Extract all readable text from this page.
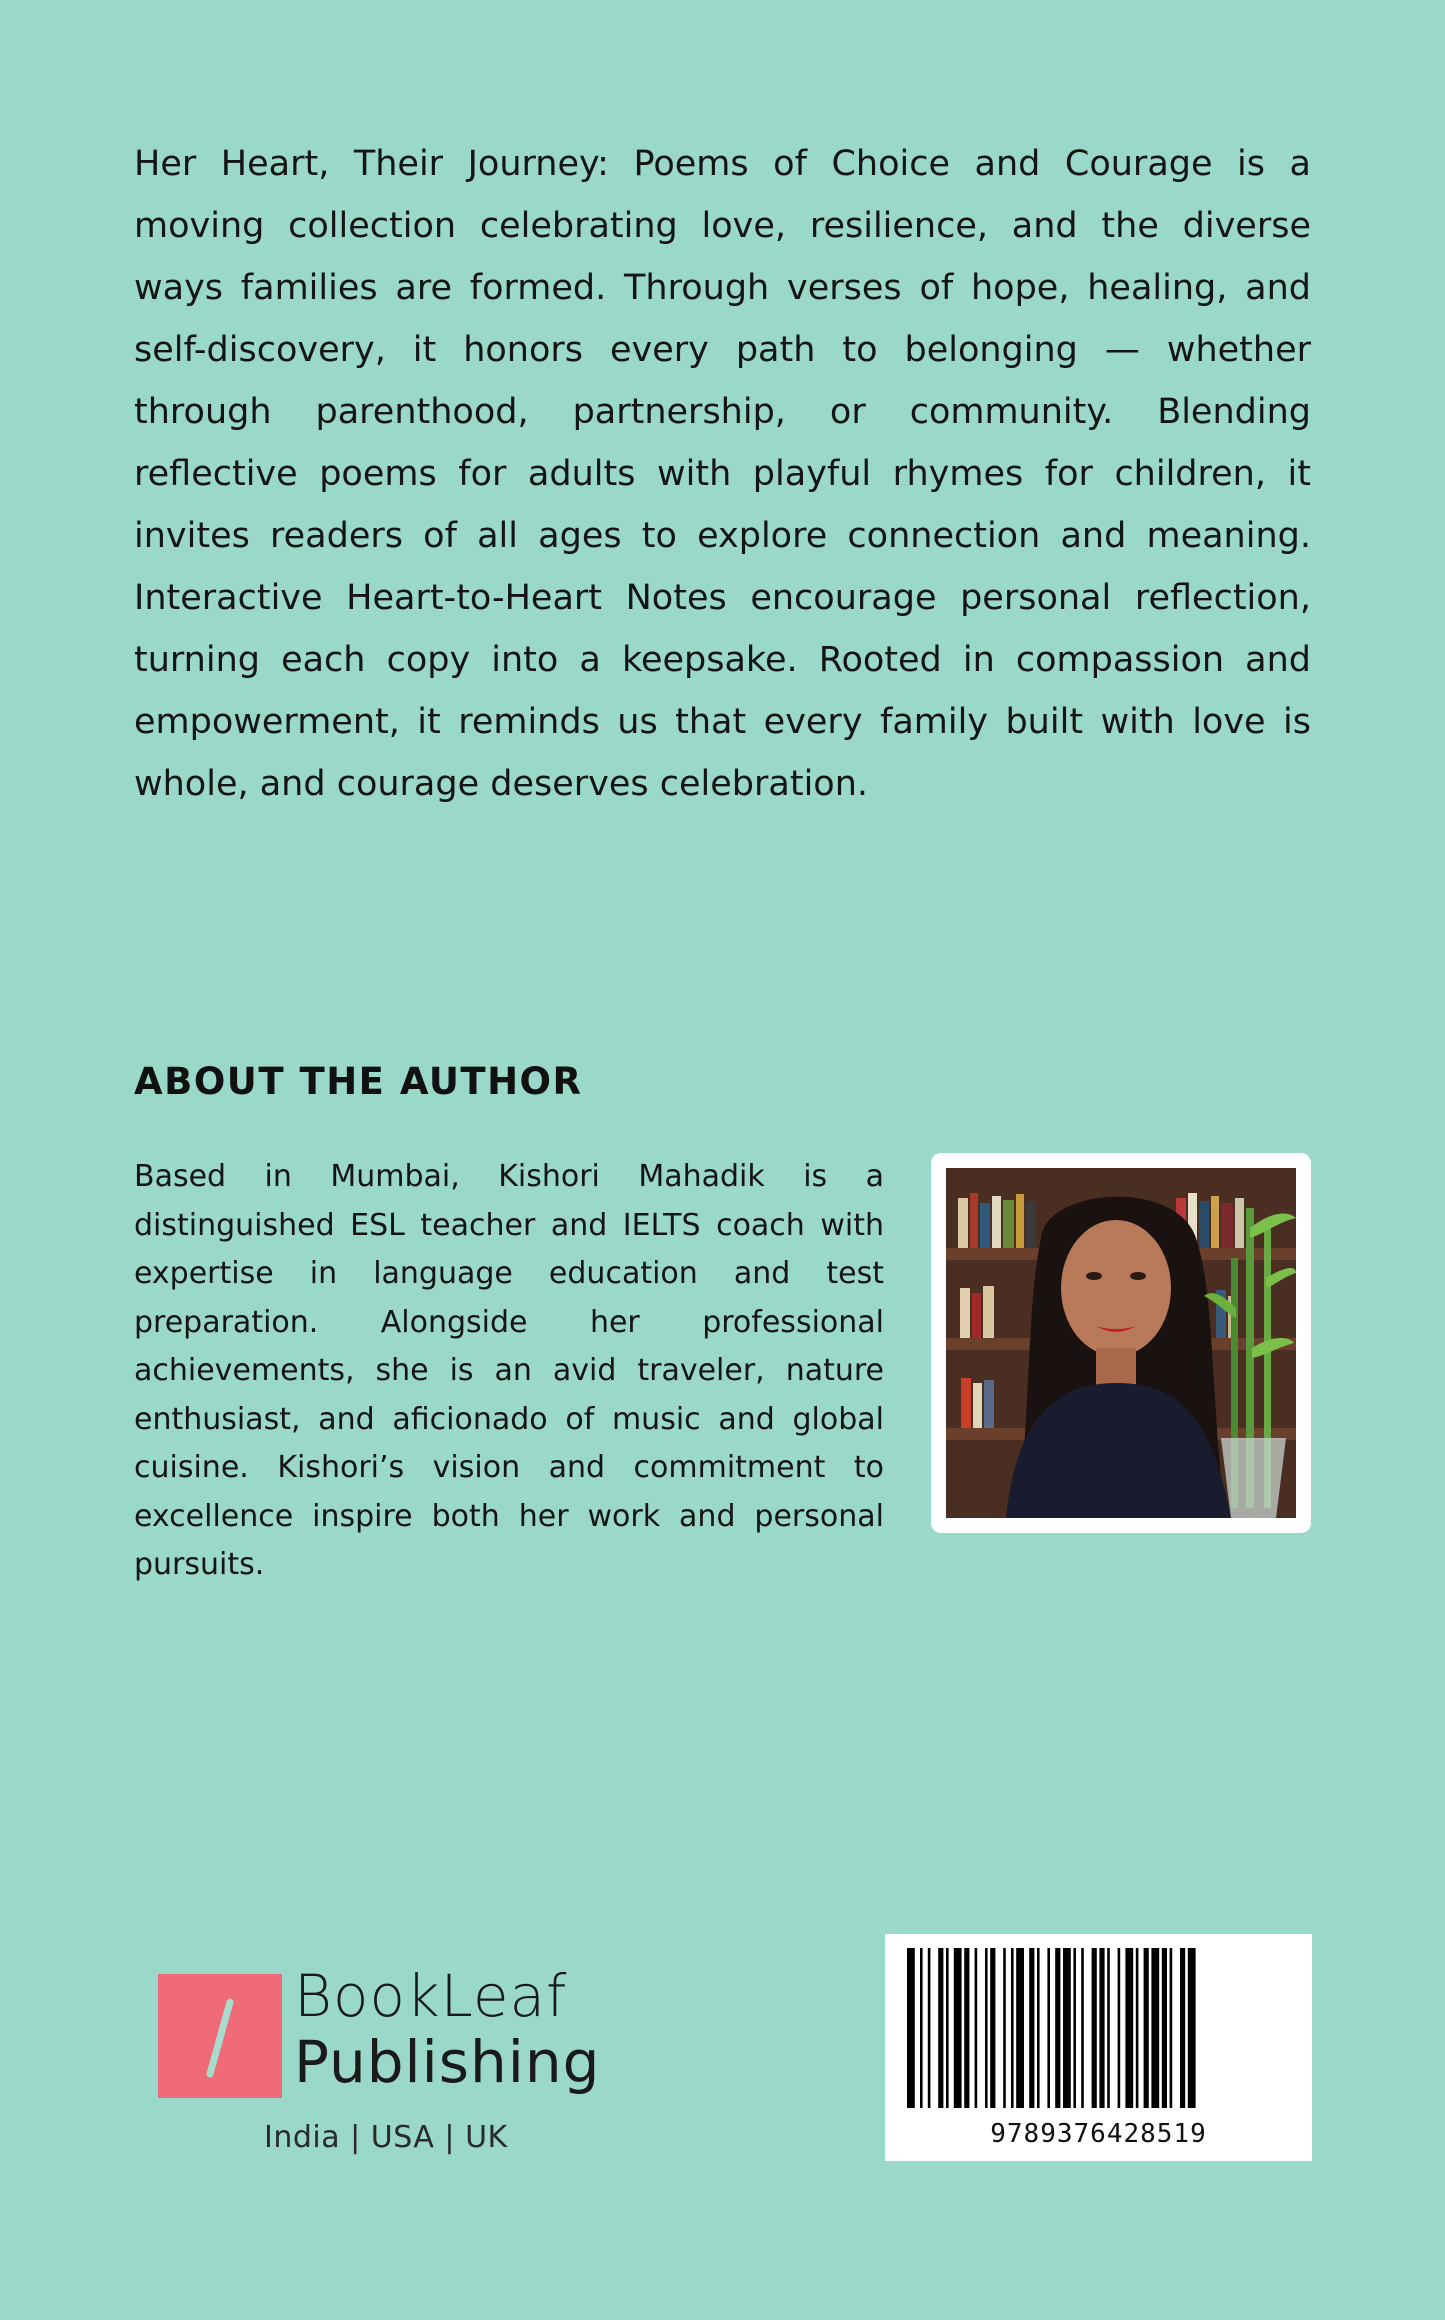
Her Heart, Their Journey: Poems of Choice and Courage is a moving collection celebrating love, resilience, and the diverse ways families are formed. Through verses of hope, healing, and self-discovery, it honors every path to belonging — whether through parenthood, partnership, or community. Blending reflective poems for adults with playful rhymes for children, it invites readers of all ages to explore connection and meaning. Interactive Heart-to-Heart Notes encourage personal reflection, turning each copy into a keepsake. Rooted in compassion and empowerment, it reminds us that every family built with love is whole, and courage deserves celebration.

ABOUT THE AUTHOR

Based in Mumbai, Kishori Mahadik is a distinguished ESL teacher and IELTS coach with expertise in language education and test preparation. Alongside her professional achievements, she is an avid traveler, nature enthusiast, and aficionado of music and global cuisine. Kishori’s vision and commitment to excellence inspire both her work and personal pursuits.

BookLeaf
Publishing
India | USA | UK	9789376428519
